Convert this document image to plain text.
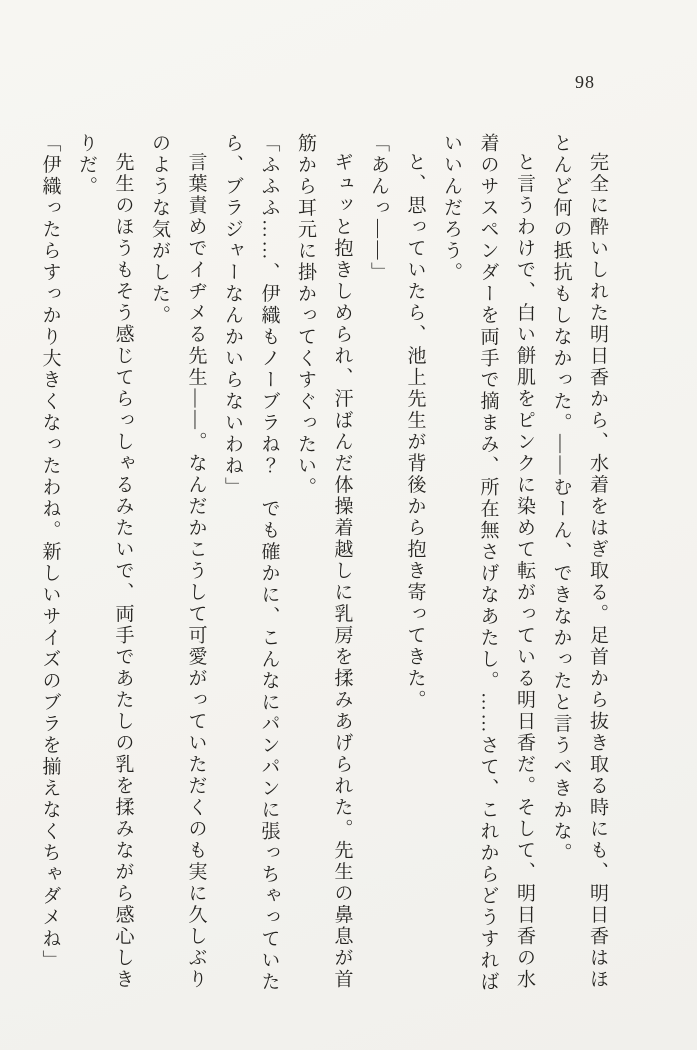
98

完全に酔いしれた明日香から、水着をはぎ取る。足首から抜き取る時にも、明日香はほとんど何の抵抗もしなかった。――むーん、できなかったと言うべきかな。

と言うわけで、白い餅肌をピンクに染めて転がっている明日香だ。そして、明日香の水着のサスペンダーを両手で摘まみ、所在無さげなあたし。……さて、これからどうすればいいんだろう。

と、思っていたら、池上先生が背後から抱き寄ってきた。

「あんっ――」

ギュッと抱きしめられ、汗ばんだ体操着越しに乳房を揉みあげられた。先生の鼻息が首筋から耳元に掛かってくすぐったい。

「ふふふ……、伊織もノーブラね？　でも確かに、こんなにパンパンに張っちゃっていたら、ブラジャーなんかいらないわね」

言葉責めでイヂメる先生――。なんだかこうして可愛がっていただくのも実に久しぶりのような気がした。

先生のほうもそう感じてらっしゃるみたいで、両手であたしの乳を揉みながら感心しきりだ。

「伊織ったらすっかり大きくなったわね。新しいサイズのブラを揃えなくちゃダメね」
